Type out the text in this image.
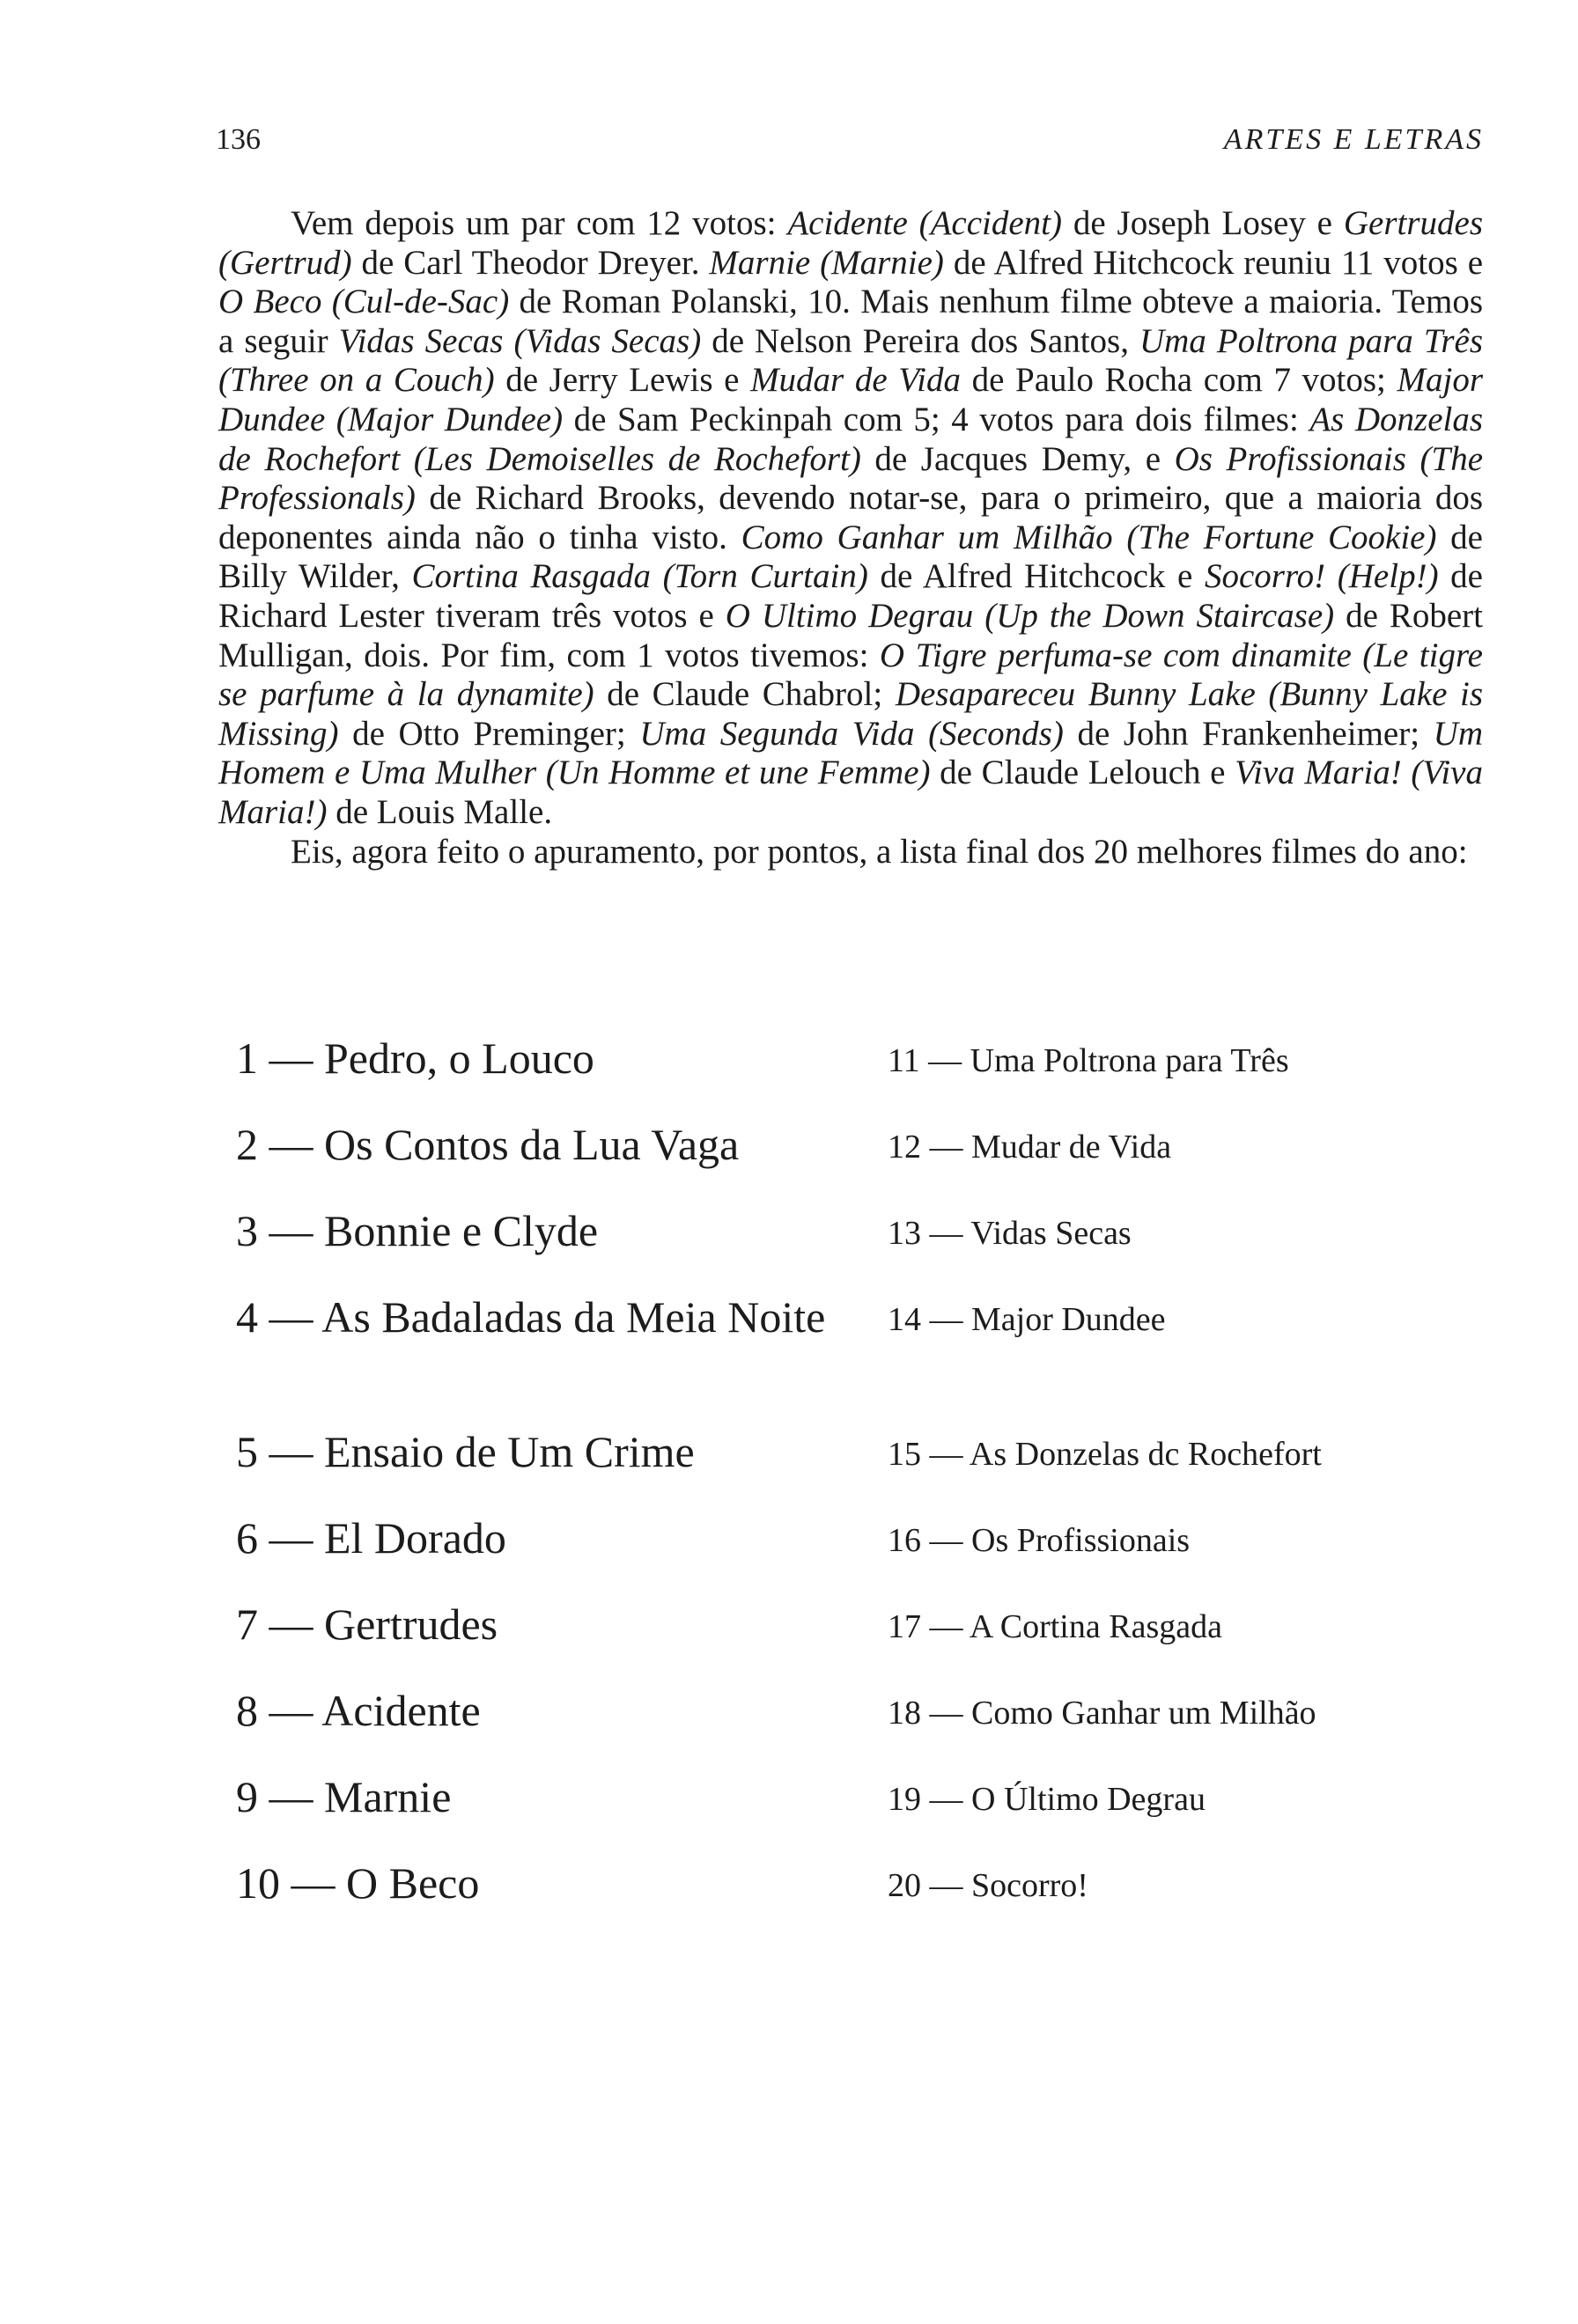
136	ARTES E LETRAS

Vem depois um par com 12 votos: Acidente (Accident) de Joseph Losey e Gertrudes (Gertrud) de Carl Theodor Dreyer. Marnie (Marnie) de Alfred Hitchcock reuniu 11 votos e O Beco (Cul-de-Sac) de Roman Polanski, 10. Mais nenhum filme obteve a maioria. Temos a seguir Vidas Secas (Vidas Secas) de Nelson Pereira dos Santos, Uma Poltrona para Três (Three on a Couch) de Jerry Lewis e Mudar de Vida de Paulo Rocha com 7 votos; Major Dundee (Major Dundee) de Sam Peckinpah com 5; 4 votos para dois filmes: As Donzelas de Rochefort (Les Demoiselles de Rochefort) de Jacques Demy, e Os Profissionais (The Professionals) de Richard Brooks, devendo notar-se, para o primeiro, que a maioria dos deponentes ainda não o tinha visto. Como Ganhar um Milhão (The Fortune Cookie) de Billy Wilder, Cortina Rasgada (Torn Curtain) de Alfred Hitchcock e Socorro! (Help!) de Richard Lester tiveram três votos e O Ultimo Degrau (Up the Down Staircase) de Robert Mulligan, dois. Por fim, com 1 votos tivemos: O Tigre perfuma-se com dinamite (Le tigre se parfume à la dynamite) de Claude Chabrol; Desapareceu Bunny Lake (Bunny Lake is Missing) de Otto Preminger; Uma Segunda Vida (Seconds) de John Frankenheimer; Um Homem e Uma Mulher (Un Homme et une Femme) de Claude Lelouch e Viva Maria! (Viva Maria!) de Louis Malle.

Eis, agora feito o apuramento, por pontos, a lista final dos 20 melhores filmes do ano:

1 — Pedro, o Louco	11 — Uma Poltrona para Três
2 — Os Contos da Lua Vaga	12 — Mudar de Vida
3 — Bonnie e Clyde	13 — Vidas Secas
4 — As Badaladas da Meia Noite 14 — Major Dundee
5 — Ensaio de Um Crime	15 — As Donzelas dc Rochefort
6 — El Dorado	16 — Os Profissionais
7 — Gertrudes	17 — A Cortina Rasgada
8 — Acidente	18 — Como Ganhar um Milhão
9 — Marnie	19 — O Último Degrau
10 — O Beco	20 — Socorro!
